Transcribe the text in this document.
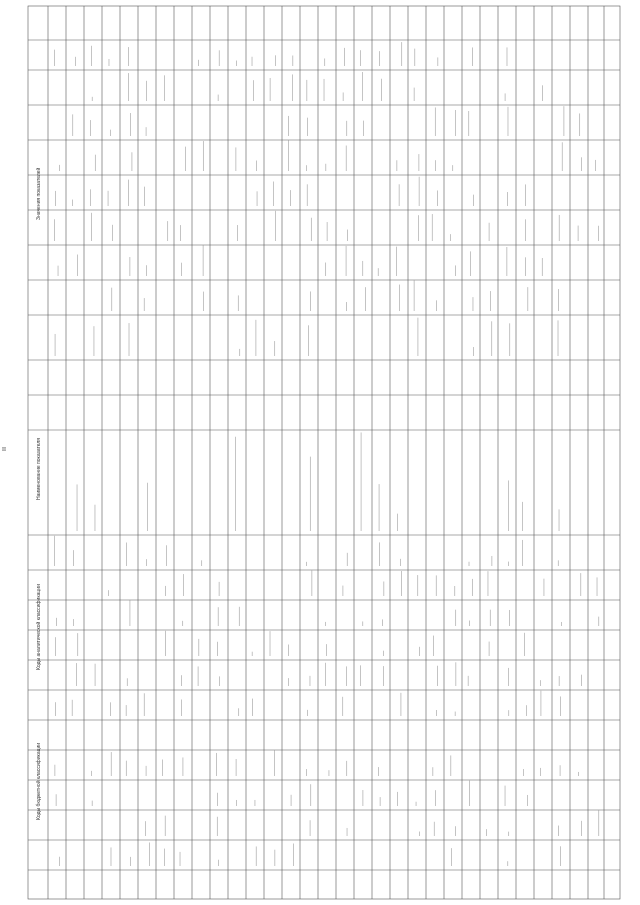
II
Коды бюджетной классификации
Коды аналитической классификации
Наименование показателя
Значения показателей
